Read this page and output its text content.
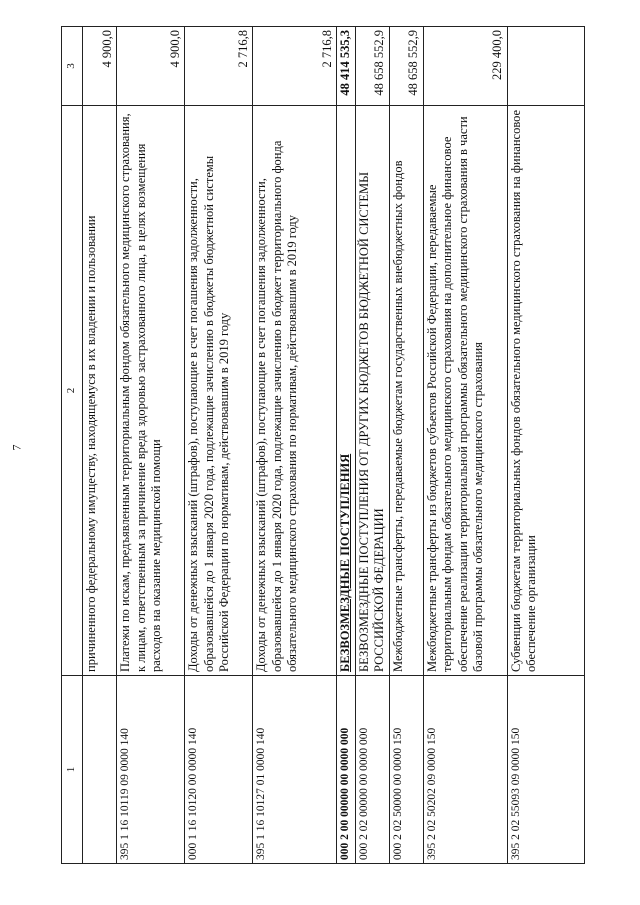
7
1	2	3
	причиненного федеральному имуществу, находящемуся в их владении и пользовании	4 900,0
395 1 16 10119 09 0000 140	Платежи по искам, предъявленным территориальным фондом обязательного медицинского страхования, к лицам, ответственным за причинение вреда здоровью застрахованного лица, в целях возмещения расходов на оказание медицинской помощи	4 900,0
000 1 16 10120 00 0000 140	Доходы от денежных взысканий (штрафов), поступающие в счет погашения задолженности, образовавшейся до 1 января 2020 года, подлежащие зачислению в бюджеты бюджетной системы Российской Федерации по нормативам, действовавшим в 2019 году	2 716,8
395 1 16 10127 01 0000 140	Доходы от денежных взысканий (штрафов), поступающие в счет погашения задолженности, образовавшейся до 1 января 2020 года, подлежащие зачислению в бюджет территориального фонда обязательного медицинского страхования по нормативам, действовавшим в 2019 году	2 716,8
000 2 00 00000 00 0000 000	БЕЗВОЗМЕЗДНЫЕ ПОСТУПЛЕНИЯ	48 414 535,3
000 2 02 00000 00 0000 000	БЕЗВОЗМЕЗДНЫЕ ПОСТУПЛЕНИЯ ОТ ДРУГИХ БЮДЖЕТОВ БЮДЖЕТНОЙ СИСТЕМЫ РОССИЙСКОЙ ФЕДЕРАЦИИ	48 658 552,9
000 2 02 50000 00 0000 150	Межбюджетные трансферты, передаваемые бюджетам государственных внебюджетных фондов	48 658 552,9
395 2 02 50202 09 0000 150	Межбюджетные трансферты из бюджетов субъектов Российской Федерации, передаваемые территориальным фондам обязательного медицинского страхования на дополнительное финансовое обеспечение реализации территориальной программы обязательного медицинского страхования в части базовой программы обязательного медицинского страхования	229 400,0
395 2 02 55093 09 0000 150	Субвенции бюджетам территориальных фондов обязательного медицинского страхования на финансовое обеспечение организации	
